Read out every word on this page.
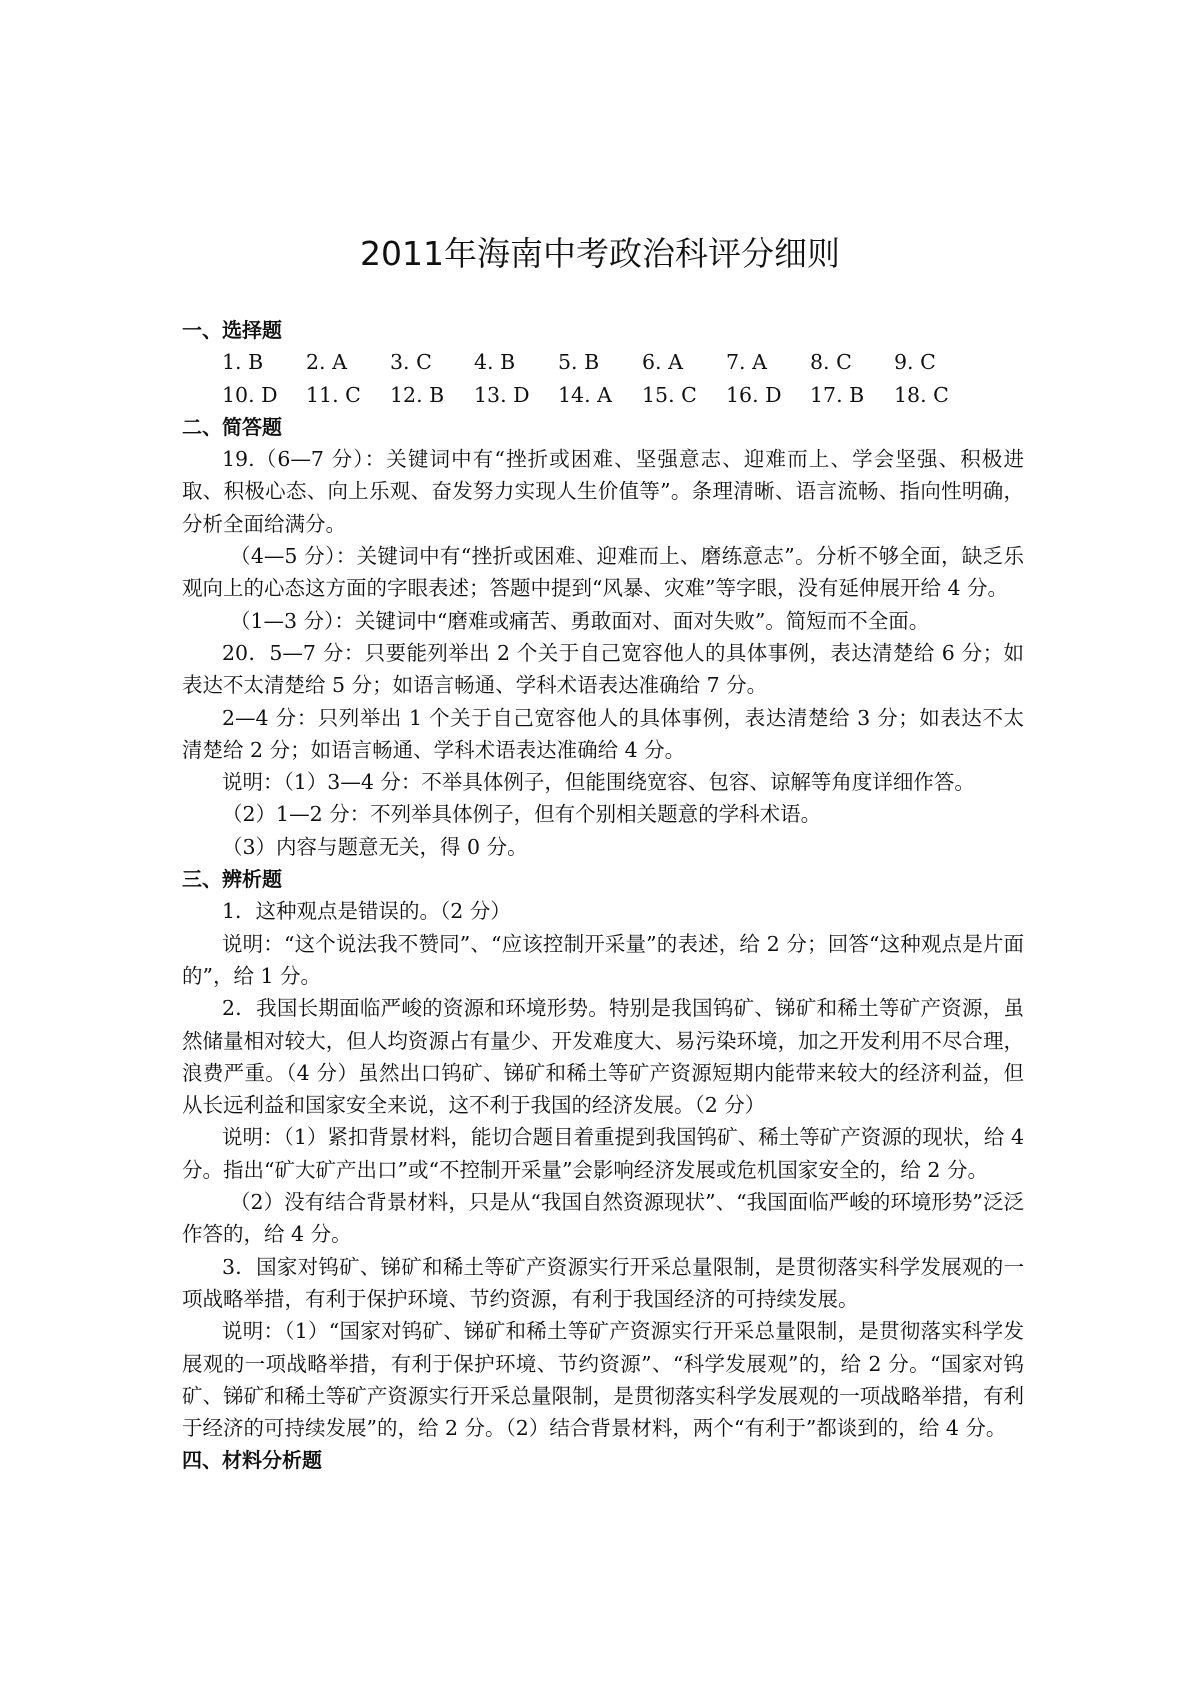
2011年海南中考政治科评分细则
一、选择题
1. B	2. A	3. C	4. B	5. B	6. A	7. A	8. C	9. C
10. D	11. C	12. B	13. D	14. A	15. C	16. D	17. B	18. C
二、简答题

19.（6—7 分）：关键词中有“挫折或困难、坚强意志、迎难而上、学会坚强、积极进取、积极心态、向上乐观、奋发努力实现人生价值等”。条理清晰、语言流畅、指向性明确，分析全面给满分。

（4—5 分）：关键词中有“挫折或困难、迎难而上、磨练意志”。分析不够全面，缺乏乐观向上的心态这方面的字眼表述；答题中提到“风暴、灾难”等字眼，没有延伸展开给 4 分。

（1—3 分）：关键词中“磨难或痛苦、勇敢面对、面对失败”。简短而不全面。

20．5—7 分：只要能列举出 2 个关于自己宽容他人的具体事例，表达清楚给 6 分；如表达不太清楚给 5 分；如语言畅通、学科术语表达准确给 7 分。

2—4 分：只列举出 1 个关于自己宽容他人的具体事例，表达清楚给 3 分；如表达不太清楚给 2 分；如语言畅通、学科术语表达准确给 4 分。

说明：（1）3—4 分：不举具体例子，但能围绕宽容、包容、谅解等角度详细作答。

（2）1—2 分：不列举具体例子，但有个别相关题意的学科术语。

（3）内容与题意无关，得 0 分。

三、辨析题

1．这种观点是错误的。（2 分）

说明：“这个说法我不赞同”、“应该控制开采量”的表述，给 2 分；回答“这种观点是片面的”，给 1 分。

2．我国长期面临严峻的资源和环境形势。特别是我国钨矿、锑矿和稀土等矿产资源，虽然储量相对较大，但人均资源占有量少、开发难度大、易污染环境，加之开发利用不尽合理，浪费严重。（4 分）虽然出口钨矿、锑矿和稀土等矿产资源短期内能带来较大的经济利益，但从长远利益和国家安全来说，这不利于我国的经济发展。（2 分）

说明：（1）紧扣背景材料，能切合题目着重提到我国钨矿、稀土等矿产资源的现状，给 4 分。指出“矿大矿产出口”或“不控制开采量”会影响经济发展或危机国家安全的，给 2 分。

（2）没有结合背景材料，只是从“我国自然资源现状”、“我国面临严峻的环境形势”泛泛作答的，给 4 分。

3．国家对钨矿、锑矿和稀土等矿产资源实行开采总量限制，是贯彻落实科学发展观的一项战略举措，有利于保护环境、节约资源，有利于我国经济的可持续发展。

说明：（1）“国家对钨矿、锑矿和稀土等矿产资源实行开采总量限制，是贯彻落实科学发展观的一项战略举措，有利于保护环境、节约资源”、“科学发展观”的，给 2 分。“国家对钨矿、锑矿和稀土等矿产资源实行开采总量限制，是贯彻落实科学发展观的一项战略举措，有利于经济的可持续发展”的，给 2 分。（2）结合背景材料，两个“有利于”都谈到的，给 4 分。

四、材料分析题
